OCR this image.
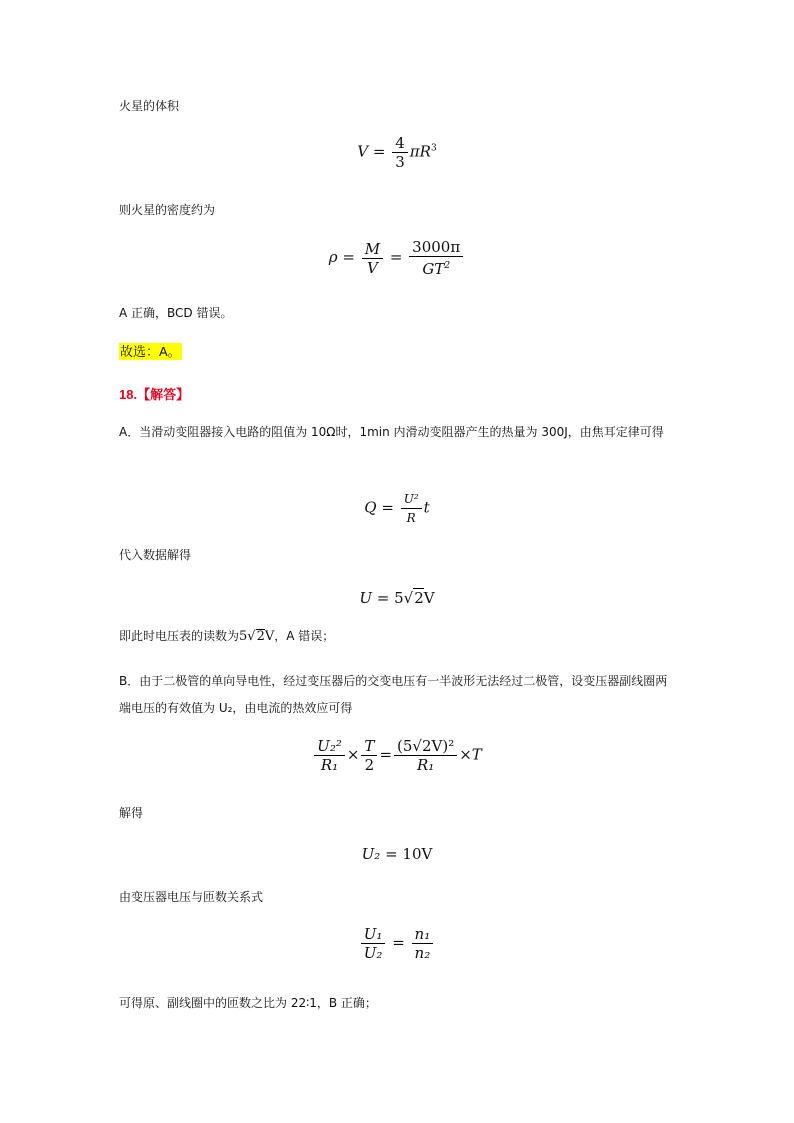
火星的体积
$V = \frac{4}{3} \pi R^3$
则火星的密度约为
$\rho = \frac{M}{V} = \frac{3000\pi}{GT^2}$
A 正确，BCD 错误。
故选：A。
18.【解答】
A．当滑动变阻器接入电路的阻值为 10Ω时，1min 内滑动变阻器产生的热量为 300J，由焦耳定律可得
$Q = \frac{\text{U²}}{R}$ t
代入数据解得
U = 5√2V
即此时电压表的读数为5√2V，A 错误；
B．由于二极管的单向导电性，经过变压器后的交变电压有一半波形无法经过二极管，设变压器副线圈两端电压的有效值为 U₂，由电流的热效应可得
$\frac{\text{U₂²}}{\text{R₁}} \times \frac{T}{2} = \frac{\text{(5√2V)²}}{\text{R₁}} \times T$
解得
U₂ = 10V
由变压器电压与匝数关系式
$\frac{\text{U₁}}{\text{U₂}} = \frac{\text{n₁}}{\text{n₂}}$
可得原、副线圈中的匝数之比为 22∶1，B 正确；
